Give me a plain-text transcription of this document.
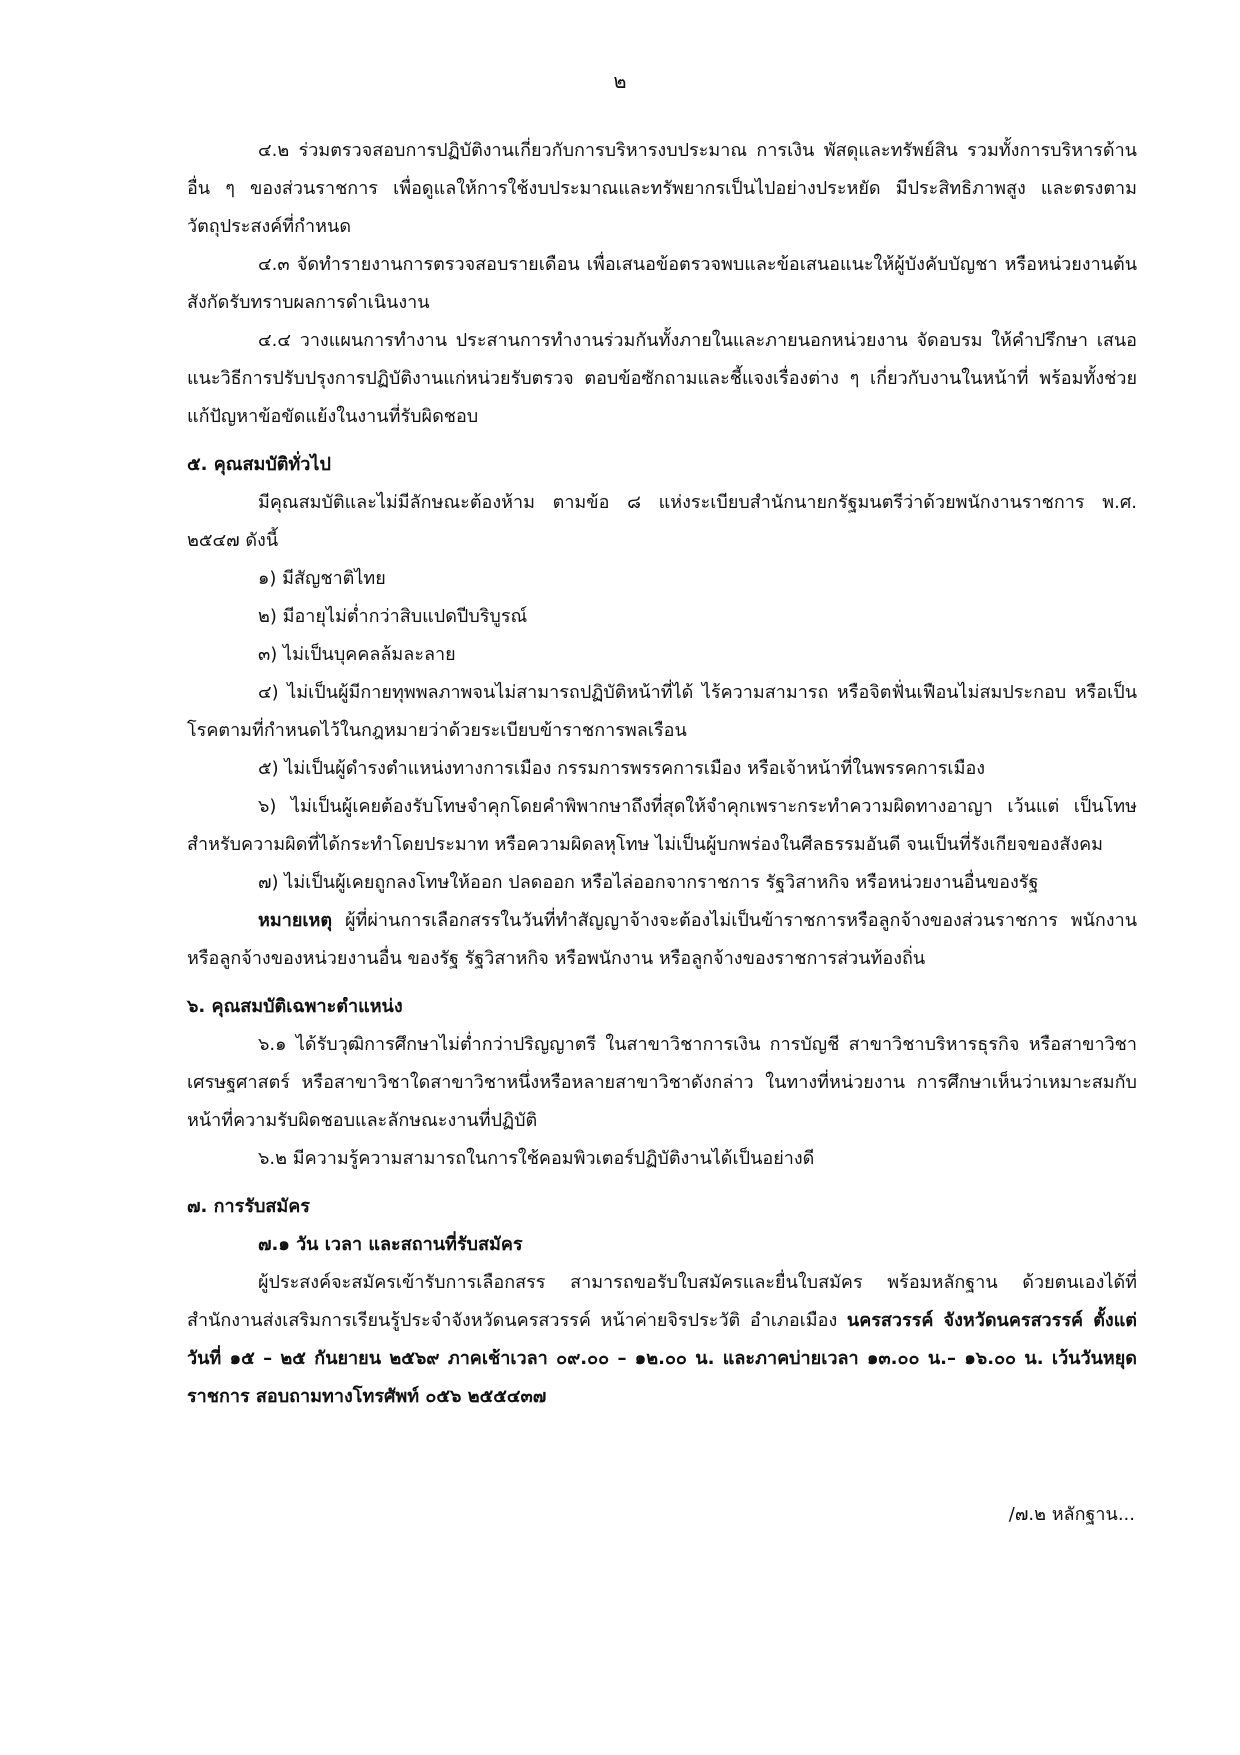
๒

๔.๒ ร่วมตรวจสอบการปฏิบัติงานเกี่ยวกับการบริหารงบประมาณ การเงิน พัสดุและทรัพย์สิน รวมทั้งการบริหารด้านอื่น ๆ ของส่วนราชการ เพื่อดูแลให้การใช้งบประมาณและทรัพยากรเป็นไปอย่างประหยัด มีประสิทธิภาพสูง และตรงตามวัตถุประสงค์ที่กำหนด

๔.๓ จัดทำรายงานการตรวจสอบรายเดือน เพื่อเสนอข้อตรวจพบและข้อเสนอแนะให้ผู้บังคับบัญชา หรือหน่วยงานต้นสังกัดรับทราบผลการดำเนินงาน

๔.๔ วางแผนการทำงาน ประสานการทำงานร่วมกันทั้งภายในและภายนอกหน่วยงาน จัดอบรม ให้คำปรึกษา เสนอแนะวิธีการปรับปรุงการปฏิบัติงานแก่หน่วยรับตรวจ ตอบข้อซักถามและชี้แจงเรื่องต่าง ๆ เกี่ยวกับงานในหน้าที่ พร้อมทั้งช่วยแก้ปัญหาข้อขัดแย้งในงานที่รับผิดชอบ

๕. คุณสมบัติทั่วไป

มีคุณสมบัติและไม่มีลักษณะต้องห้าม ตามข้อ ๘ แห่งระเบียบสำนักนายกรัฐมนตรีว่าด้วยพนักงานราชการ พ.ศ. ๒๕๔๗ ดังนี้

๑) มีสัญชาติไทย

๒) มีอายุไม่ต่ำกว่าสิบแปดปีบริบูรณ์

๓) ไม่เป็นบุคคลล้มละลาย

๔) ไม่เป็นผู้มีกายทุพพลภาพจนไม่สามารถปฏิบัติหน้าที่ได้ ไร้ความสามารถ หรือจิตฟั่นเฟือนไม่สมประกอบ หรือเป็นโรคตามที่กำหนดไว้ในกฎหมายว่าด้วยระเบียบข้าราชการพลเรือน

๕) ไม่เป็นผู้ดำรงตำแหน่งทางการเมือง กรรมการพรรคการเมือง หรือเจ้าหน้าที่ในพรรคการเมือง

๖) ไม่เป็นผู้เคยต้องรับโทษจำคุกโดยคำพิพากษาถึงที่สุดให้จำคุกเพราะกระทำความผิดทางอาญา เว้นแต่ เป็นโทษสำหรับความผิดที่ได้กระทำโดยประมาท หรือความผิดลหุโทษ ไม่เป็นผู้บกพร่องในศีลธรรมอันดี จนเป็นที่รังเกียจของสังคม

๗) ไม่เป็นผู้เคยถูกลงโทษให้ออก ปลดออก หรือไล่ออกจากราชการ รัฐวิสาหกิจ หรือหน่วยงานอื่นของรัฐ

หมายเหตุ ผู้ที่ผ่านการเลือกสรรในวันที่ทำสัญญาจ้างจะต้องไม่เป็นข้าราชการหรือลูกจ้างของส่วนราชการ พนักงานหรือลูกจ้างของหน่วยงานอื่น ของรัฐ รัฐวิสาหกิจ หรือพนักงาน หรือลูกจ้างของราชการส่วนท้องถิ่น

๖. คุณสมบัติเฉพาะตำแหน่ง

๖.๑ ได้รับวุฒิการศึกษาไม่ต่ำกว่าปริญญาตรี ในสาขาวิชาการเงิน การบัญชี สาขาวิชาบริหารธุรกิจ หรือสาขาวิชาเศรษฐศาสตร์ หรือสาขาวิชาใดสาขาวิชาหนึ่งหรือหลายสาขาวิชาดังกล่าว ในทางที่หน่วยงาน การศึกษาเห็นว่าเหมาะสมกับหน้าที่ความรับผิดชอบและลักษณะงานที่ปฏิบัติ

๖.๒ มีความรู้ความสามารถในการใช้คอมพิวเตอร์ปฏิบัติงานได้เป็นอย่างดี

๗. การรับสมัคร

๗.๑ วัน เวลา และสถานที่รับสมัคร

ผู้ประสงค์จะสมัครเข้ารับการเลือกสรร สามารถขอรับใบสมัครและยื่นใบสมัคร พร้อมหลักฐาน ด้วยตนเองได้ที่ สำนักงานส่งเสริมการเรียนรู้ประจำจังหวัดนครสวรรค์ หน้าค่ายจิรประวัติ อำเภอเมือง นครสวรรค์ จังหวัดนครสวรรค์ ตั้งแต่วันที่ ๑๕ – ๒๕ กันยายน ๒๕๖๙ ภาคเช้าเวลา ๐๙.๐๐ – ๑๒.๐๐ น. และภาคบ่ายเวลา ๑๓.๐๐ น.– ๑๖.๐๐ น. เว้นวันหยุดราชการ สอบถามทางโทรศัพท์ ๐๕๖ ๒๕๕๔๓๗

/๗.๒ หลักฐาน...
